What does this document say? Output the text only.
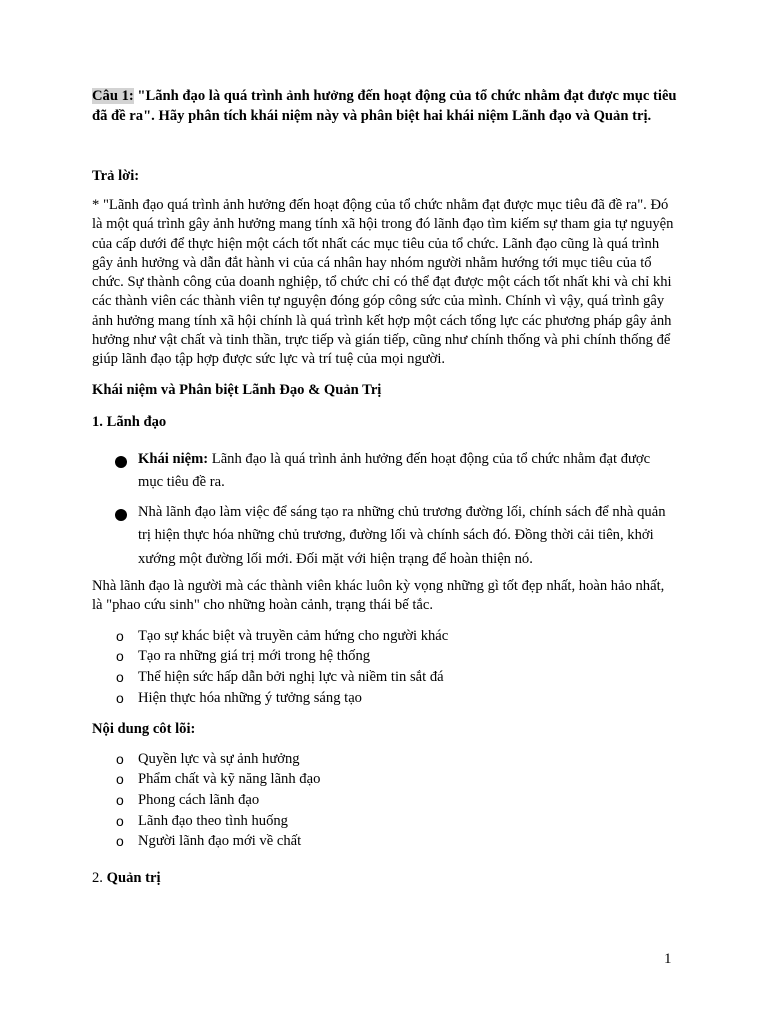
Câu 1: "Lãnh đạo là quá trình ảnh hưởng đến hoạt động của tổ chức nhằm đạt được mục tiêu đã đề ra". Hãy phân tích khái niệm này và phân biệt hai khái niệm Lãnh đạo và Quản trị.

Trả lời:

* "Lãnh đạo quá trình ảnh hưởng đến hoạt động của tổ chức nhằm đạt được mục tiêu đã đề ra". Đó là một quá trình gây ảnh hưởng mang tính xã hội trong đó lãnh đạo tìm kiếm sự tham gia tự nguyện của cấp dưới để thực hiện một cách tốt nhất các mục tiêu của tổ chức. Lãnh đạo cũng là quá trình gây ảnh hưởng và dẫn đắt hành vi của cá nhân hay nhóm người nhằm hướng tới mục tiêu của tổ chức. Sự thành công của doanh nghiệp, tổ chức chỉ có thể đạt được một cách tốt nhất khi và chỉ khi các thành viên các thành viên tự nguyện đóng góp công sức của mình. Chính vì vậy, quá trình gây ảnh hưởng mang tính xã hội chính là quá trình kết hợp một cách tổng lực các phương pháp gây ảnh hưởng như vật chất và tinh thần, trực tiếp và gián tiếp, cũng như chính thống và phi chính thống để giúp lãnh đạo tập hợp được sức lực và trí tuệ của mọi người.

Khái niệm và Phân biệt Lãnh Đạo & Quản Trị

1. Lãnh đạo

Khái niệm: Lãnh đạo là quá trình ảnh hưởng đến hoạt động của tổ chức nhằm đạt được mục tiêu đề ra.
Nhà lãnh đạo làm việc để sáng tạo ra những chủ trương đường lối, chính sách để nhà quản trị hiện thực hóa những chủ trương, đường lối và chính sách đó. Đồng thời cải tiên, khởi xướng một đường lối mới. Đối mặt với hiện trạng để hoàn thiện nó.

Nhà lãnh đạo là người mà các thành viên khác luôn kỳ vọng những gì tốt đẹp nhất, hoàn hảo nhất, là "phao cứu sinh" cho những hoàn cảnh, trạng thái bế tắc.

o Tạo sự khác biệt và truyền cảm hứng cho người khác
o Tạo ra những giá trị mới trong hệ thống
o Thể hiện sức hấp dẫn bởi nghị lực và niềm tin sắt đá
o Hiện thực hóa những ý tưởng sáng tạo

Nội dung côt lõi:

o Quyền lực và sự ảnh hưởng
o Phẩm chất và kỹ năng lãnh đạo
o Phong cách lãnh đạo
o Lãnh đạo theo tình huống
o Người lãnh đạo mới về chất

2. Quản trị

1
